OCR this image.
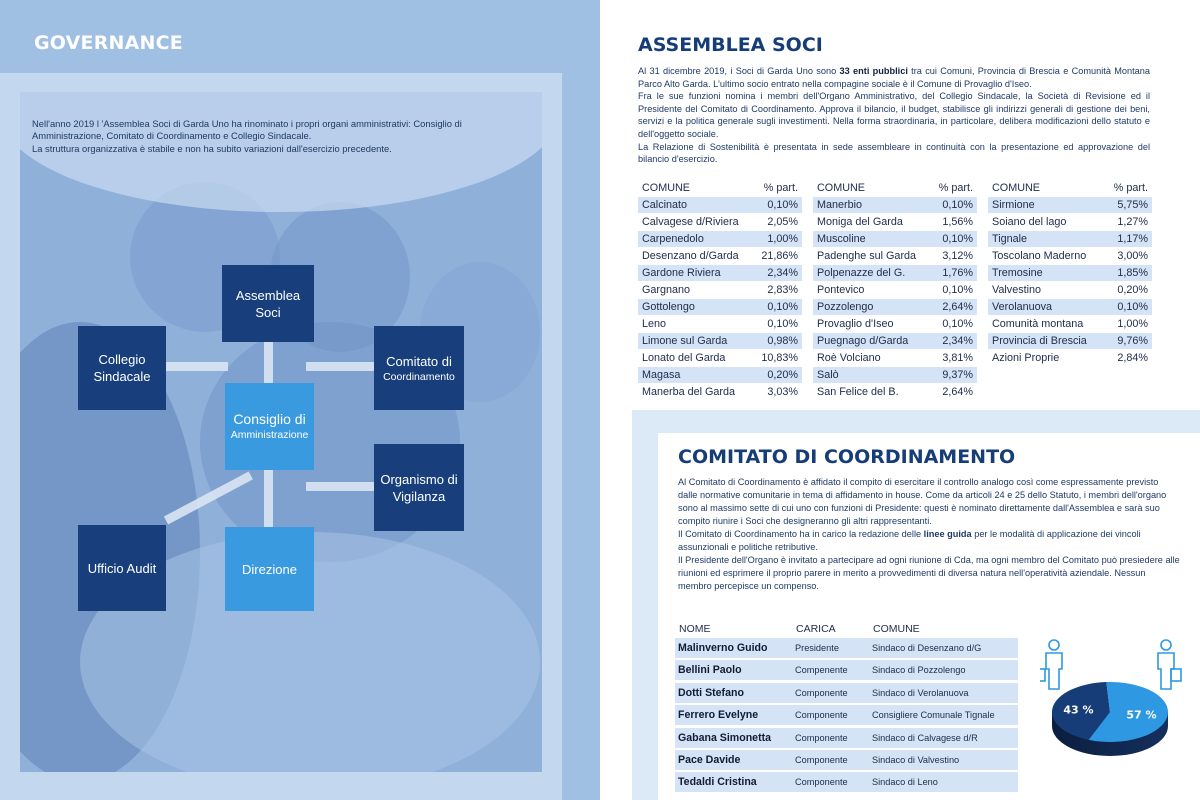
GOVERNANCE

Nell'anno 2019 l 'Assemblea Soci di Garda Uno ha rinominato i propri organi amministrativi: Consiglio di Amministrazione, Comitato di Coordinamento e Collegio Sindacale.

La struttura organizzativa è stabile e non ha subito variazioni dall'esercizio precedente.

Assemblea
Soci
Collegio
Sindacale
Comitato di
Coordinamento
Consiglio di
Amministrazione
Organismo di
Vigilanza
Ufficio Audit	Direzione
ASSEMBLEA SOCI
Al 31 dicembre 2019, i Soci di Garda Uno sono 33 enti pubblici tra cui Comuni, Provincia di Brescia e Comunità Montana Parco Alto Garda. L'ultimo socio entrato nella compagine sociale è il Comune di Provaglio d'Iseo.
Fra le sue funzioni nomina i membri dell'Organo Amministrativo, del Collegio Sindacale, la Società di Revisione ed il Presidente del Comitato di Coordinamento. Approva il bilancio, il budget, stabilisce gli indirizzi generali di gestione dei beni, servizi e la politica generale sugli investimenti. Nella forma straordinaria, in particolare, delibera modificazioni dello statuto e dell'oggetto sociale.
La Relazione di Sostenibilità è presentata in sede assembleare in continuità con la presentazione ed approvazione del bilancio d'esercizio.
COMUNE	% part.
Calcinato	0,10%
Calvagese d/Riviera	2,05%
Carpenedolo	1,00%
Desenzano d/Garda 21,86%
Gardone Riviera	2,34%
Gargnano	2,83%
Gottolengo	0,10%
Leno	0,10%
Limone sul Garda	0,98%
Lonato del Garda	10,83%
Magasa	0,20%
Manerba del Garda	3,03%
COMUNE	% part.
Manerbio	0,10%
Moniga del Garda	1,56%
Muscoline	0,10%
Padenghe sul Garda 3,12%
Polpenazze del G.	1,76%
Pontevico	0,10%
Pozzolengo	2,64%
Provaglio d'Iseo	0,10%
Puegnago d/Garda	2,34%
Roè Volciano	3,81%
Salò	9,37%
San Felice del B.	2,64%
COMUNE	% part.
Sirmione	5,75%
Soiano del lago	1,27%
Tignale	1,17%
Toscolano Maderno	3,00%
Tremosine	1,85%
Valvestino	0,20%
Verolanuova	0,10%
Comunità montana	1,00%
Provincia di Brescia	9,76%
Azioni Proprie	2,84%
COMITATO DI COORDINAMENTO

Al Comitato di Coordinamento è affidato il compito di esercitare il controllo analogo così come espressamente previsto dalle normative comunitarie in tema di affidamento in house. Come da articoli 24 e 25 dello Statuto, i membri dell'organo sono al massimo sette di cui uno con funzioni di Presidente: questi è nominato direttamente dall'Assemblea e sarà suo compito riunire i Soci che designeranno gli altri rappresentanti.

Il Comitato di Coordinamento ha in carico la redazione delle linee guida per le modalità di applicazione dei vincoli assunzionali e politiche retributive.

Il Presidente dell'Organo è invitato a partecipare ad ogni riunione di Cda, ma ogni membro del Comitato può presiedere alle riunioni ed esprimere il proprio parere in merito a provvedimenti di diversa natura nell'operatività aziendale. Nessun membro percepisce un compenso.

NOME	CARICA	COMUNE
Malinverno Guido	Presidente	Sindaco di Desenzano d/G
Bellini Paolo	Compenente	Sindaco di Pozzolengo
Dotti Stefano	Componente	Sindaco di Verolanuova
Ferrero Evelyne	Componente	Consigliere Comunale Tignale
Gabana Simonetta	Componente	Sindaco di Calvagese d/R
Pace Davide	Componente	Sindaco di Valvestino
Tedaldi Cristina	Componente	Sindaco di Leno
43 %	57 %
